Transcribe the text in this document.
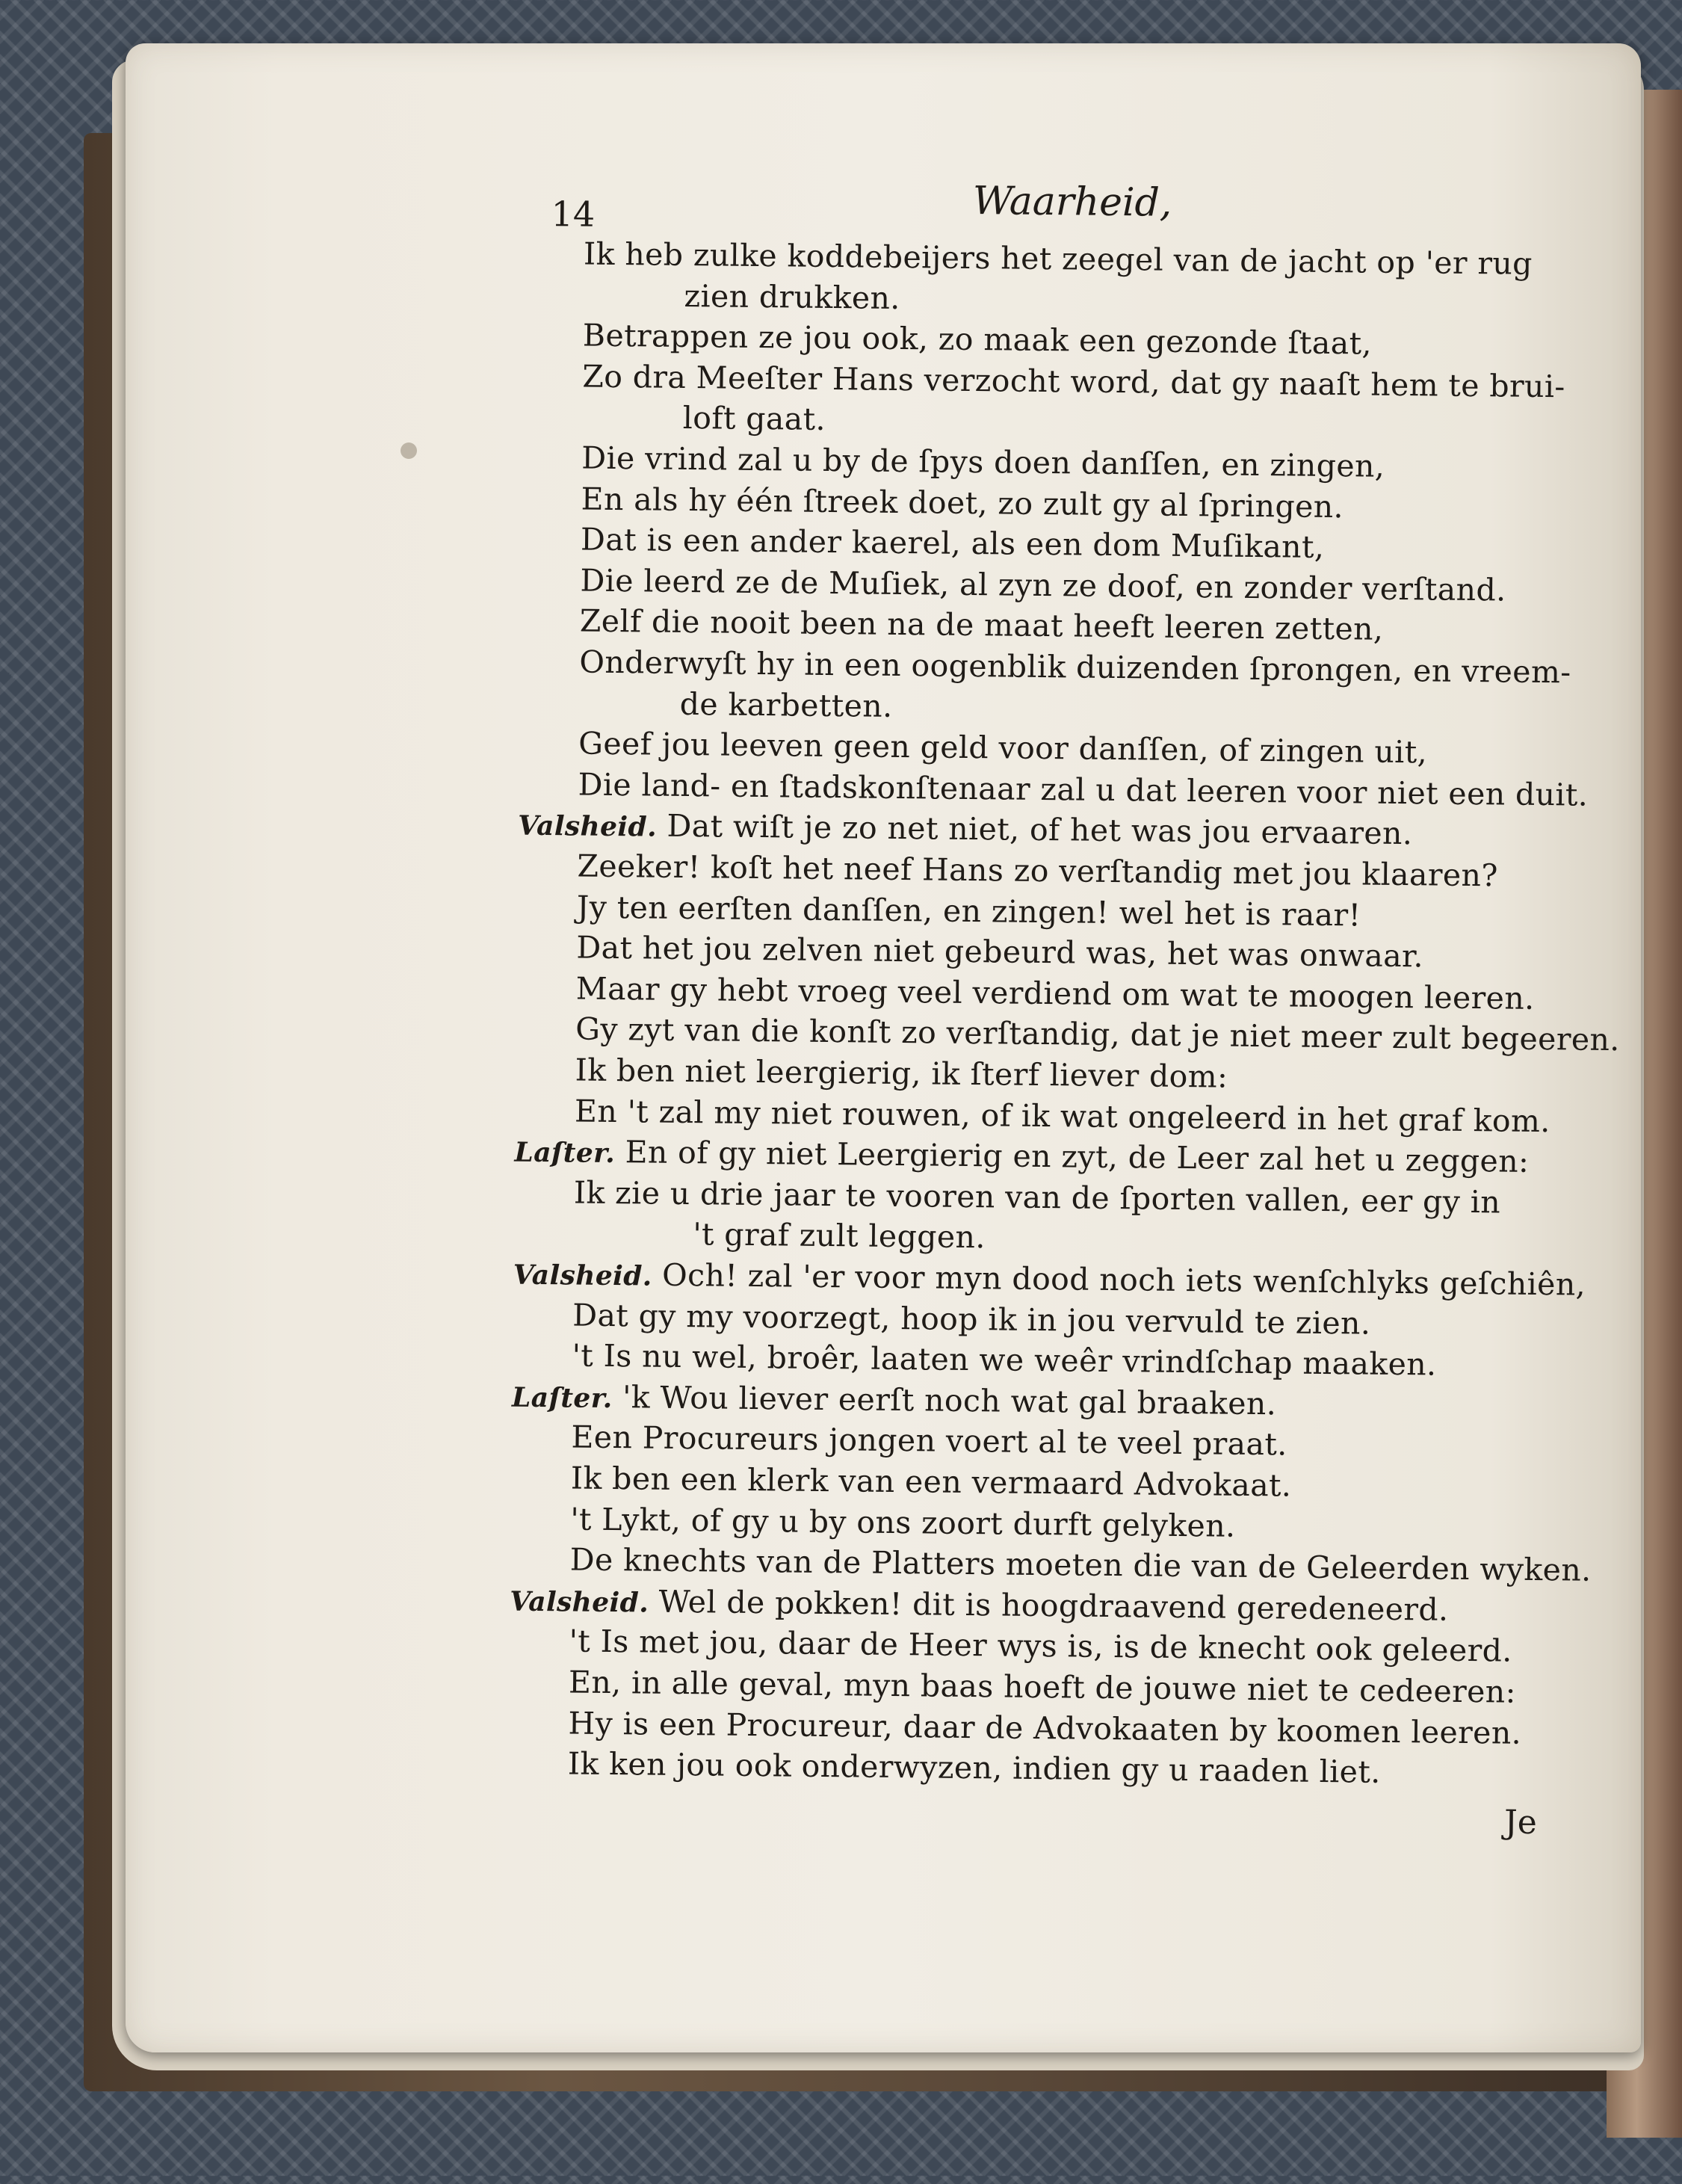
14	Waarheid,
Ik heb zulke koddebeijers het zeegel van de jacht op 'er rug
zien drukken.
Betrappen ze jou ook, zo maak een gezonde ſtaat,
Zo dra Meeſter Hans verzocht word, dat gy naaſt hem te brui-
loft gaat.
Die vrind zal u by de ſpys doen danſſen, en zingen,
En als hy één ſtreek doet, zo zult gy al ſpringen.
Dat is een ander kaerel, als een dom Muſikant,
Die leerd ze de Muſiek, al zyn ze doof, en zonder verſtand.
Zelf die nooit been na de maat heeft leeren zetten,
Onderwyſt hy in een oogenblik duizenden ſprongen, en vreem-
de karbetten.
Geef jou leeven geen geld voor danſſen, of zingen uit,
Die land- en ſtadskonſtenaar zal u dat leeren voor niet een duit.
Valsheid. Dat wiſt je zo net niet, of het was jou ervaaren.
Zeeker! koſt het neef Hans zo verſtandig met jou klaaren?
Jy ten eerſten danſſen, en zingen! wel het is raar!
Dat het jou zelven niet gebeurd was, het was onwaar.
Maar gy hebt vroeg veel verdiend om wat te moogen leeren.
Gy zyt van die konſt zo verſtandig, dat je niet meer zult begeeren.
Ik ben niet leergierig, ik ſterf liever dom:
En 't zal my niet rouwen, of ik wat ongeleerd in het graf kom.
Laſter. En of gy niet Leergierig en zyt, de Leer zal het u zeggen:
Ik zie u drie jaar te vooren van de ſporten vallen, eer gy in
't graf zult leggen.
Valsheid. Och! zal 'er voor myn dood noch iets wenſchlyks geſchiên,
Dat gy my voorzegt, hoop ik in jou vervuld te zien.
't Is nu wel, broêr, laaten we weêr vrindſchap maaken.
Laſter. 'k Wou liever eerſt noch wat gal braaken.
Een Procureurs jongen voert al te veel praat.
Ik ben een klerk van een vermaard Advokaat.
't Lykt, of gy u by ons zoort durft gelyken.
De knechts van de Platters moeten die van de Geleerden wyken.
Valsheid. Wel de pokken! dit is hoogdraavend geredeneerd.
't Is met jou, daar de Heer wys is, is de knecht ook geleerd.
En, in alle geval, myn baas hoeft de jouwe niet te cedeeren:
Hy is een Procureur, daar de Advokaaten by koomen leeren.
Ik ken jou ook onderwyzen, indien gy u raaden liet.
Je
